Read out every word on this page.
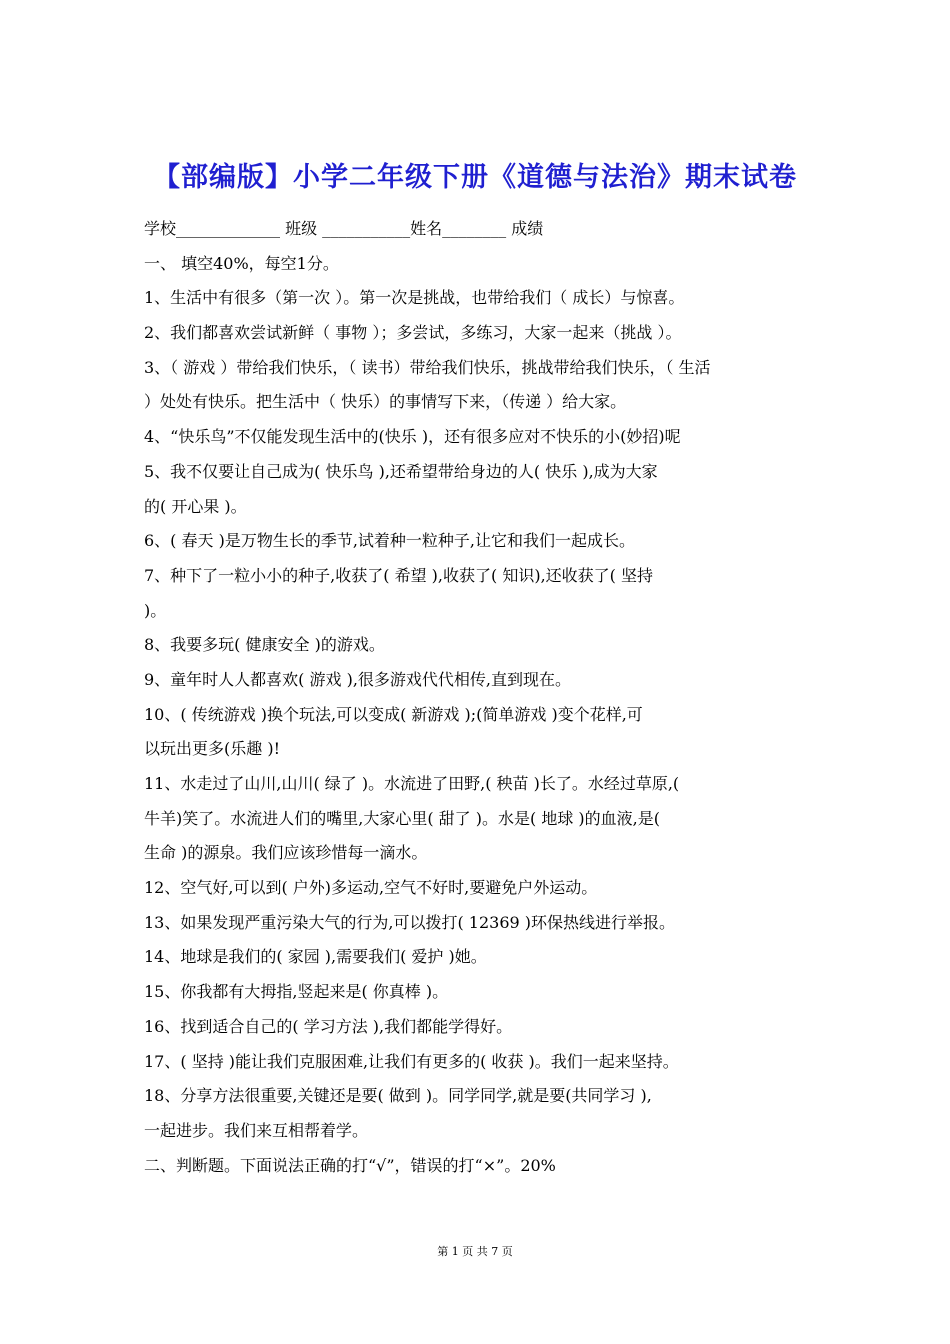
【部编版】小学二年级下册《道德与法治》期末试卷
学校_____________ 班级 ___________姓名________ 成绩
一、 填空40%，每空1分。
1、生活中有很多（第一次 ）。第一次是挑战，也带给我们（ 成长）与惊喜。
2、我们都喜欢尝试新鲜（ 事物 ）；多尝试，多练习，大家一起来（挑战 ）。
3、（ 游戏 ）带给我们快乐，（ 读书）带给我们快乐，挑战带给我们快乐，（ 生活
）处处有快乐。把生活中（ 快乐）的事情写下来，（传递 ）给大家。
4、“快乐鸟”不仅能发现生活中的(快乐 )，还有很多应对不快乐的小(妙招)呢
5、我不仅要让自己成为( 快乐鸟 ),还希望带给身边的人( 快乐 ),成为大家
的( 开心果 )。
6、( 春天 )是万物生长的季节,试着种一粒种子,让它和我们一起成长。
7、种下了一粒小小的种子,收获了( 希望 ),收获了( 知识),还收获了( 坚持
)。
8、我要多玩( 健康安全 )的游戏。
9、童年时人人都喜欢( 游戏 ),很多游戏代代相传,直到现在。
10、( 传统游戏 )换个玩法,可以变成( 新游戏 );(简单游戏 )变个花样,可
以玩出更多(乐趣 )!
11、水走过了山川,山川( 绿了 )。水流进了田野,( 秧苗 )长了。水经过草原,(
牛羊)笑了。水流进人们的嘴里,大家心里( 甜了 )。水是( 地球 )的血液,是(
生命 )的源泉。我们应该珍惜每一滴水。
12、空气好,可以到( 户外)多运动,空气不好时,要避免户外运动。
13、如果发现严重污染大气的行为,可以拨打( 12369 )环保热线进行举报。
14、地球是我们的( 家园 ),需要我们( 爱护 )她。
15、你我都有大拇指,竖起来是( 你真棒 )。
16、找到适合自己的( 学习方法 ),我们都能学得好。
17、( 坚持 )能让我们克服困难,让我们有更多的( 收获 )。我们一起来坚持。
18、分享方法很重要,关键还是要( 做到 )。同学同学,就是要(共同学习 ),
一起进步。我们来互相帮着学。
二、判断题。下面说法正确的打“√”，错误的打“×”。20%
第 1 页 共 7 页
